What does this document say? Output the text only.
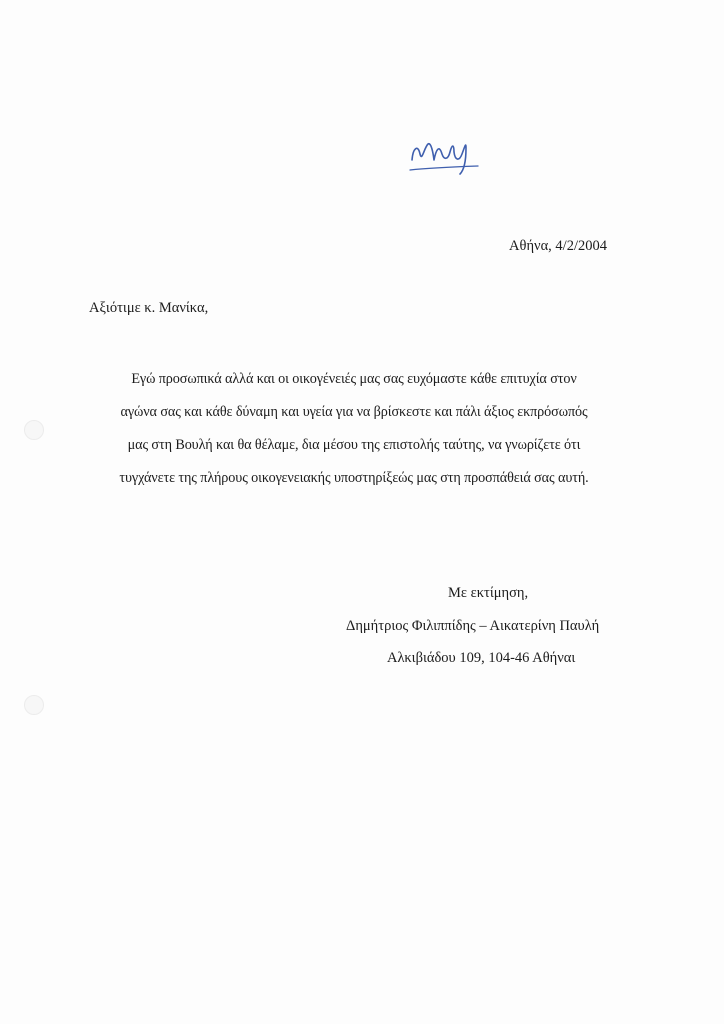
Αθήνα, 4/2/2004
Αξιότιμε κ. Μανίκα,
Εγώ προσωπικά αλλά και οι οικογένειές μας σας ευχόμαστε κάθε επιτυχία στον
αγώνα σας και κάθε δύναμη και υγεία για να βρίσκεστε και πάλι άξιος εκπρόσωπός
μας στη Βουλή και θα θέλαμε, δια μέσου της επιστολής ταύτης, να γνωρίζετε ότι
τυγχάνετε της πλήρους οικογενειακής υποστηρίξεώς μας στη προσπάθειά σας αυτή.
Με εκτίμηση,
Δημήτριος Φιλιππίδης – Αικατερίνη Παυλή
Αλκιβιάδου 109, 104-46 Αθήναι
